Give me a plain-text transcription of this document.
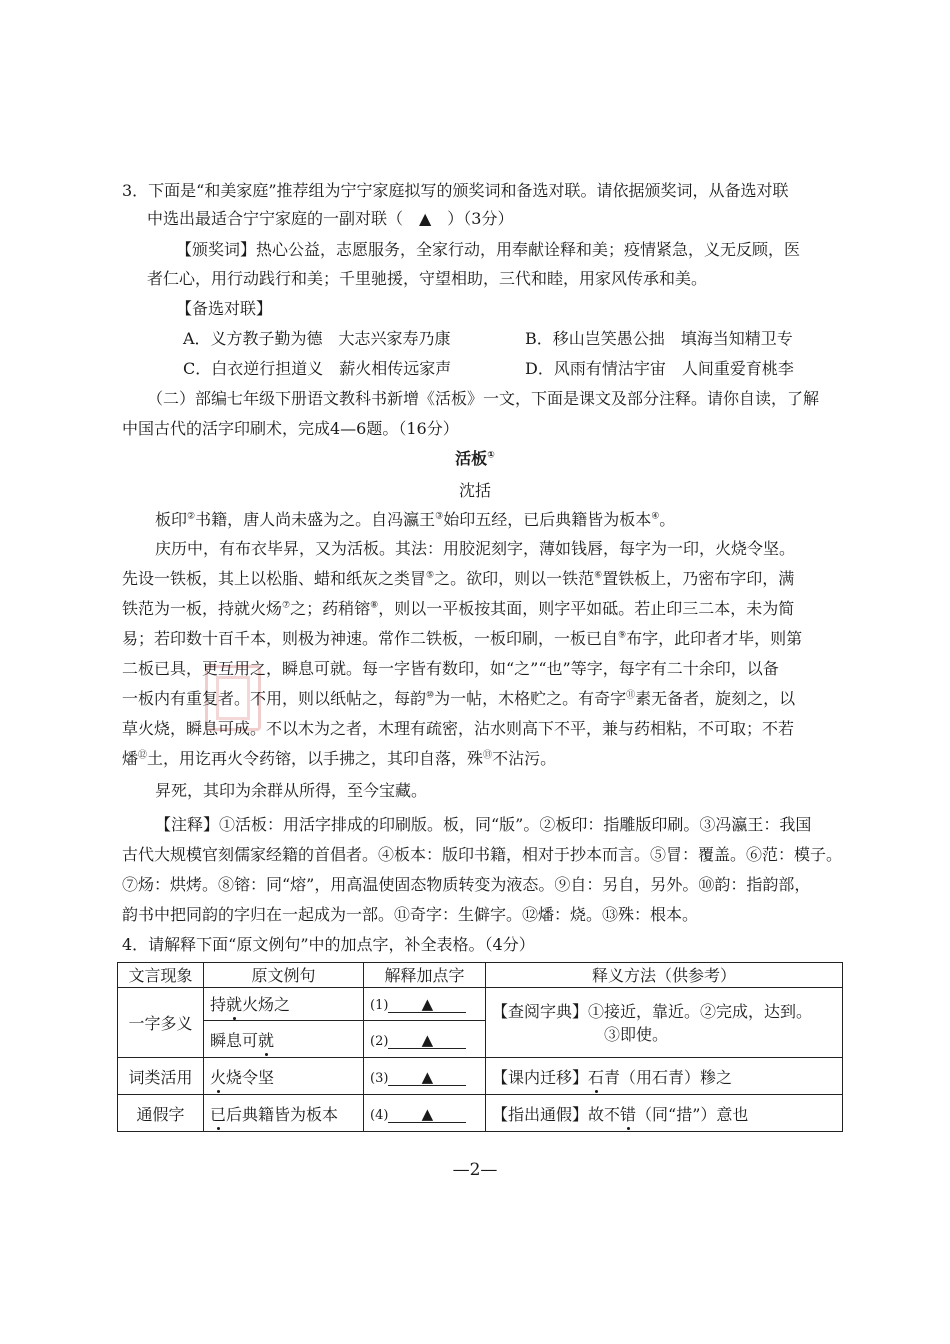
3．下面是“和美家庭”推荐组为宁宁家庭拟写的颁奖词和备选对联。请依据颁奖词，从备选对联
中选出最适合宁宁家庭的一副对联（　▲　）（3分）
【颁奖词】热心公益，志愿服务，全家行动，用奉献诠释和美；疫情紧急，义无反顾，医
者仁心，用行动践行和美；千里驰援，守望相助，三代和睦，用家风传承和美。
【备选对联】
A．义方教子勤为德　大志兴家寿乃康	B．移山岂笑愚公拙　填海当知精卫专
C．白衣逆行担道义　薪火相传远家声	D．风雨有情沽宇宙　人间重爱育桃李
（二）部编七年级下册语文教科书新增《活板》一文，下面是课文及部分注释。请你自读，了解
中国古代的活字印刷术，完成4—6题。（16分）
活板①
沈括
板印②书籍，唐人尚未盛为之。自冯瀛王③始印五经，已后典籍皆为板本④。
庆历中，有布衣毕昇，又为活板。其法：用胶泥刻字，薄如钱唇，每字为一印，火烧令坚。
先设一铁板，其上以松脂、蜡和纸灰之类冒⑤之。欲印，则以一铁范⑥置铁板上，乃密布字印，满
铁范为一板，持就火炀⑦之；药稍镕⑧，则以一平板按其面，则字平如砥。若止印三二本，未为简
易；若印数十百千本，则极为神速。常作二铁板，一板印刷，一板已自⑨布字，此印者才毕，则第
二板已具，更互用之，瞬息可就。每一字皆有数印，如“之”“也”等字，每字有二十余印，以备
一板内有重复者。不用，则以纸帖之，每韵⑩为一帖，木格贮之。有奇字⑪素无备者，旋刻之，以
草火烧，瞬息可成。不以木为之者，木理有疏密，沾水则高下不平，兼与药相粘，不可取；不若
燔⑫土，用讫再火令药镕，以手拂之，其印自落，殊⑬不沾污。
昇死，其印为余群从所得，至今宝藏。
【注释】①活板：用活字排成的印刷版。板，同“版”。②板印：指雕版印刷。③冯瀛王：我国
古代大规模官刻儒家经籍的首倡者。④板本：版印书籍，相对于抄本而言。⑤冒：覆盖。⑥范：模子。
⑦炀：烘烤。⑧镕：同“熔”，用高温使固态物质转变为液态。⑨自：另自，另外。⑩韵：指韵部，
韵书中把同韵的字归在一起成为一部。⑪奇字：生僻字。⑫燔：烧。⑬殊：根本。
4．请解释下面“原文例句”中的加点字，补全表格。（4分）
文言现象	原文例句	解释加点字	释义方法（供参考）
一字多义	持就火炀之	(1) ▲	【查阅字典】①接近，靠近。②完成，达到。
③即使。

	瞬息可就	(2) ▲	
词类活用	火烧令坚	(3) ▲	【课内迁移】石青（用石青）糁之
通假字	已后典籍皆为板本	(4) ▲	【指出通假】故不错（同“措”）意也
—2—
